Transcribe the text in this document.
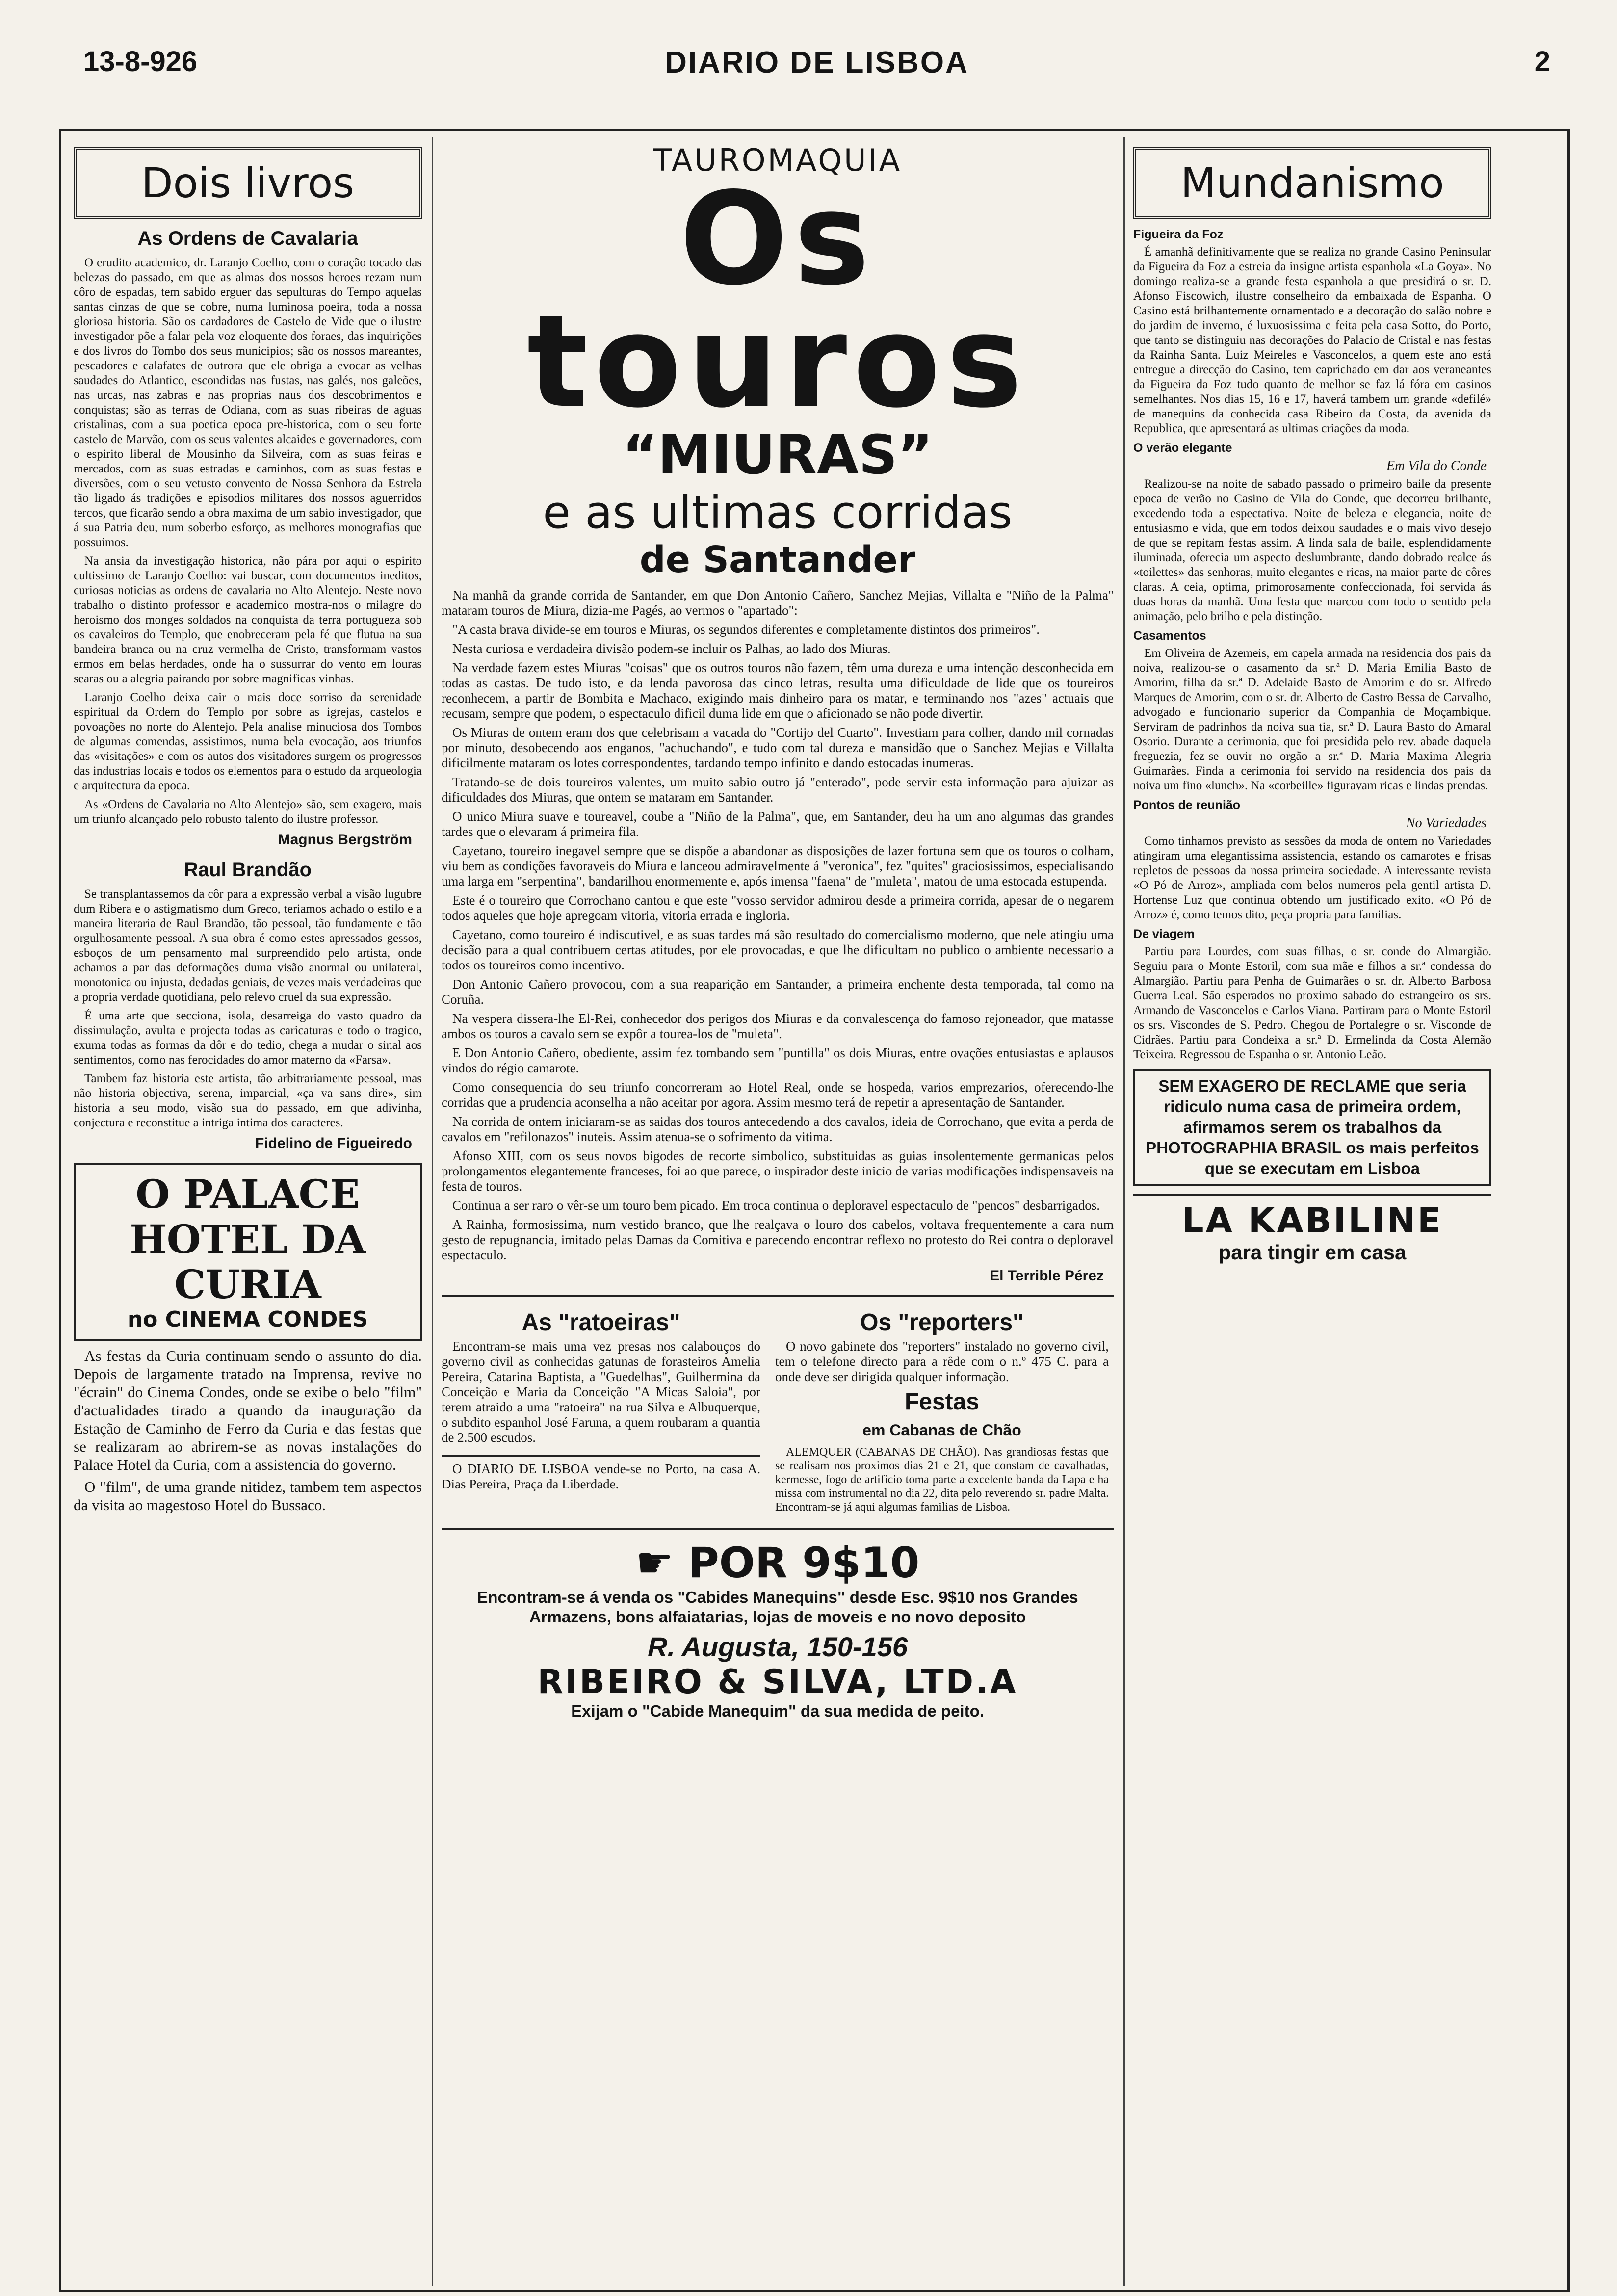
13-8-926	DIARIO DE LISBOA	2
Dois livros
As Ordens de Cavalaria

O erudito academico, dr. Laranjo Coelho, com o coração tocado das belezas do passado, em que as almas dos nossos heroes rezam num côro de espadas, tem sabido erguer das sepulturas do Tempo aquelas santas cinzas de que se cobre, numa luminosa poeira, toda a nossa gloriosa historia. São os cardadores de Castelo de Vide que o ilustre investigador põe a falar pela voz eloquente dos foraes, das inquirições e dos livros do Tombo dos seus municipios; são os nossos mareantes, pescadores e calafates de outrora que ele obriga a evocar as velhas saudades do Atlantico, escondidas nas fustas, nas galés, nos galeões, nas urcas, nas zabras e nas proprias naus dos descobrimentos e conquistas; são as terras de Odiana, com as suas ribeiras de aguas cristalinas, com a sua poetica epoca pre-historica, com o seu forte castelo de Marvão, com os seus valentes alcaides e governadores, com o espirito liberal de Mousinho da Silveira, com as suas feiras e mercados, com as suas estradas e caminhos, com as suas festas e diversões, com o seu vetusto convento de Nossa Senhora da Estrela tão ligado ás tradições e episodios militares dos nossos aguerridos tercos, que ficarão sendo a obra maxima de um sabio investigador, que á sua Patria deu, num soberbo esforço, as melhores monografias que possuimos.

Na ansia da investigação historica, não pára por aqui o espirito cultissimo de Laranjo Coelho: vai buscar, com documentos ineditos, curiosas noticias as ordens de cavalaria no Alto Alentejo. Neste novo trabalho o distinto professor e academico mostra-nos o milagre do heroismo dos monges soldados na conquista da terra portugueza sob os cavaleiros do Templo, que enobreceram pela fé que flutua na sua bandeira branca ou na cruz vermelha de Cristo, transformam vastos ermos em belas herdades, onde ha o sussurrar do vento em louras searas ou a alegria pairando por sobre magnificas vinhas.

Laranjo Coelho deixa cair o mais doce sorriso da serenidade espiritual da Ordem do Templo por sobre as igrejas, castelos e povoações no norte do Alentejo. Pela analise minuciosa dos Tombos de algumas comendas, assistimos, numa bela evocação, aos triunfos das «visitações» e com os autos dos visitadores surgem os progressos das industrias locais e todos os elementos para o estudo da arqueologia e arquitectura da epoca.

As «Ordens de Cavalaria no Alto Alentejo» são, sem exagero, mais um triunfo alcançado pelo robusto talento do ilustre professor.

Magnus Bergström
Raul Brandão

Se transplantassemos da côr para a expressão verbal a visão lugubre dum Ribera e o astigmatismo dum Greco, teriamos achado o estilo e a maneira literaria de Raul Brandão, tão pessoal, tão fundamente e tão orgulhosamente pessoal. A sua obra é como estes apressados gessos, esboços de um pensamento mal surpreendido pelo artista, onde achamos a par das deformações duma visão anormal ou unilateral, monotonica ou injusta, dedadas geniais, de vezes mais verdadeiras que a propria verdade quotidiana, pelo relevo cruel da sua expressão.

É uma arte que secciona, isola, desarreiga do vasto quadro da dissimulação, avulta e projecta todas as caricaturas e todo o tragico, exuma todas as formas da dôr e do tedio, chega a mudar o sinal aos sentimentos, como nas ferocidades do amor materno da «Farsa».

Tambem faz historia este artista, tão arbitrariamente pessoal, mas não historia objectiva, serena, imparcial, «ça va sans dire», sim historia a seu modo, visão sua do passado, em que adivinha, conjectura e reconstitue a intriga intima dos caracteres.

Fidelino de Figueiredo
O PALACE HOTEL DA CURIA
no CINEMA CONDES

As festas da Curia continuam sendo o assunto do dia. Depois de largamente tratado na Imprensa, revive no "écrain" do Cinema Condes, onde se exibe o belo "film" d'actualidades tirado a quando da inauguração da Estação de Caminho de Ferro da Curia e das festas que se realizaram ao abrirem-se as novas instalações do Palace Hotel da Curia, com a assistencia do governo.

O "film", de uma grande nitidez, tambem tem aspectos da visita ao magestoso Hotel do Bussaco.

TAUROMAQUIA
Os touros
“MIURAS”
e as ultimas corridas
de Santander

Na manhã da grande corrida de Santander, em que Don Antonio Cañero, Sanchez Mejias, Villalta e "Niño de la Palma" mataram touros de Miura, dizia-me Pagés, ao vermos o "apartado":

"A casta brava divide-se em touros e Miuras, os segundos diferentes e completamente distintos dos primeiros".

Nesta curiosa e verdadeira divisão podem-se incluir os Palhas, ao lado dos Miuras.

Na verdade fazem estes Miuras "coisas" que os outros touros não fazem, têm uma dureza e uma intenção desconhecida em todas as castas. De tudo isto, e da lenda pavorosa das cinco letras, resulta uma dificuldade de lide que os toureiros reconhecem, a partir de Bombita e Machaco, exigindo mais dinheiro para os matar, e terminando nos "azes" actuais que recusam, sempre que podem, o espectaculo dificil duma lide em que o aficionado se não pode divertir.

Os Miuras de ontem eram dos que celebrisam a vacada do "Cortijo del Cuarto". Investiam para colher, dando mil cornadas por minuto, desobecendo aos enganos, "achuchando", e tudo com tal dureza e mansidão que o Sanchez Mejias e Villalta dificilmente mataram os lotes correspondentes, tardando tempo infinito e dando estocadas inumeras.

Tratando-se de dois toureiros valentes, um muito sabio outro já "enterado", pode servir esta informação para ajuizar as dificuldades dos Miuras, que ontem se mataram em Santander.

O unico Miura suave e toureavel, coube a "Niño de la Palma", que, em Santander, deu ha um ano algumas das grandes tardes que o elevaram á primeira fila.

Cayetano, toureiro inegavel sempre que se dispõe a abandonar as disposições de lazer fortuna sem que os touros o colham, viu bem as condições favoraveis do Miura e lanceou admiravelmente á "veronica", fez "quites" graciosissimos, especialisando uma larga em "serpentina", bandarilhou enormemente e, após imensa "faena" de "muleta", matou de uma estocada estupenda.

Este é o toureiro que Corrochano cantou e que este "vosso servidor admirou desde a primeira corrida, apesar de o negarem todos aqueles que hoje apregoam vitoria, vitoria errada e ingloria.

Cayetano, como toureiro é indiscutivel, e as suas tardes má são resultado do comercialismo moderno, que nele atingiu uma decisão para a qual contribuem certas atitudes, por ele provocadas, e que lhe dificultam no publico o ambiente necessario a todos os toureiros como incentivo.

Don Antonio Cañero provocou, com a sua reaparição em Santander, a primeira enchente desta temporada, tal como na Coruña.

Na vespera dissera-lhe El-Rei, conhecedor dos perigos dos Miuras e da convalescença do famoso rejoneador, que matasse ambos os touros a cavalo sem se expôr a tourea-los de "muleta".

E Don Antonio Cañero, obediente, assim fez tombando sem "puntilla" os dois Miuras, entre ovações entusiastas e aplausos vindos do régio camarote.

Como consequencia do seu triunfo concorreram ao Hotel Real, onde se hospeda, varios emprezarios, oferecendo-lhe corridas que a prudencia aconselha a não aceitar por agora. Assim mesmo terá de repetir a apresentação de Santander.

Na corrida de ontem iniciaram-se as saidas dos touros antecedendo a dos cavalos, ideia de Corrochano, que evita a perda de cavalos em "refilonazos" inuteis. Assim atenua-se o sofrimento da vitima.

Afonso XIII, com os seus novos bigodes de recorte simbolico, substituidas as guias insolentemente germanicas pelos prolongamentos elegantemente franceses, foi ao que parece, o inspirador deste inicio de varias modificações indispensaveis na festa de touros.

Continua a ser raro o vêr-se um touro bem picado. Em troca continua o deploravel espectaculo de "pencos" desbarrigados.

A Rainha, formosissima, num vestido branco, que lhe realçava o louro dos cabelos, voltava frequentemente a cara num gesto de repugnancia, imitado pelas Damas da Comitiva e parecendo encontrar reflexo no protesto do Rei contra o deploravel espectaculo.

El Terrible Pérez
As "ratoeiras"

Encontram-se mais uma vez presas nos calabouços do governo civil as conhecidas gatunas de forasteiros Amelia Pereira, Catarina Baptista, a "Guedelhas", Guilhermina da Conceição e Maria da Conceição "A Micas Saloia", por terem atraido a uma "ratoeira" na rua Silva e Albuquerque, o subdito espanhol José Faruna, a quem roubaram a quantia de 2.500 escudos.

O DIARIO DE LISBOA vende-se no Porto, na casa A. Dias Pereira, Praça da Liberdade.

Os "reporters"

O novo gabinete dos "reporters" instalado no governo civil, tem o telefone directo para a rêde com o n.º 475 C. para a onde deve ser dirigida qualquer informação.

Festas
em Cabanas de Chão

ALEMQUER (CABANAS DE CHÃO). Nas grandiosas festas que se realisam nos proximos dias 21 e 21, que constam de cavalhadas, kermesse, fogo de artificio toma parte a excelente banda da Lapa e ha missa com instrumental no dia 22, dita pelo reverendo sr. padre Malta. Encontram-se já aqui algumas familias de Lisboa.

☛ POR 9$10
Encontram-se á venda os "Cabides Manequins" desde Esc. 9$10 nos Grandes Armazens, bons alfaiatarias, lojas de moveis e no novo deposito
R. Augusta, 150-156
RIBEIRO & SILVA, LTD.A
Exijam o "Cabide Manequim" da sua medida de peito.
Mundanismo
Figueira da Foz

É amanhã definitivamente que se realiza no grande Casino Peninsular da Figueira da Foz a estreia da insigne artista espanhola «La Goya». No domingo realiza-se a grande festa espanhola a que presidirá o sr. D. Afonso Fiscowich, ilustre conselheiro da embaixada de Espanha. O Casino está brilhantemente ornamentado e a decoração do salão nobre e do jardim de inverno, é luxuosissima e feita pela casa Sotto, do Porto, que tanto se distinguiu nas decorações do Palacio de Cristal e nas festas da Rainha Santa. Luiz Meireles e Vasconcelos, a quem este ano está entregue a direcção do Casino, tem caprichado em dar aos veraneantes da Figueira da Foz tudo quanto de melhor se faz lá fóra em casinos semelhantes. Nos dias 15, 16 e 17, haverá tambem um grande «defilé» de manequins da conhecida casa Ribeiro da Costa, da avenida da Republica, que apresentará as ultimas criações da moda.

O verão elegante
Em Vila do Conde

Realizou-se na noite de sabado passado o primeiro baile da presente epoca de verão no Casino de Vila do Conde, que decorreu brilhante, excedendo toda a espectativa. Noite de beleza e elegancia, noite de entusiasmo e vida, que em todos deixou saudades e o mais vivo desejo de que se repitam festas assim. A linda sala de baile, esplendidamente iluminada, oferecia um aspecto deslumbrante, dando dobrado realce ás «toilettes» das senhoras, muito elegantes e ricas, na maior parte de côres claras. A ceia, optima, primorosamente confeccionada, foi servida ás duas horas da manhã. Uma festa que marcou com todo o sentido pela animação, pelo brilho e pela distinção.

Casamentos

Em Oliveira de Azemeis, em capela armada na residencia dos pais da noiva, realizou-se o casamento da sr.ª D. Maria Emilia Basto de Amorim, filha da sr.ª D. Adelaide Basto de Amorim e do sr. Alfredo Marques de Amorim, com o sr. dr. Alberto de Castro Bessa de Carvalho, advogado e funcionario superior da Companhia de Moçambique. Serviram de padrinhos da noiva sua tia, sr.ª D. Laura Basto do Amaral Osorio. Durante a cerimonia, que foi presidida pelo rev. abade daquela freguezia, fez-se ouvir no orgão a sr.ª D. Maria Maxima Alegria Guimarães. Finda a cerimonia foi servido na residencia dos pais da noiva um fino «lunch». Na «corbeille» figuravam ricas e lindas prendas.

Pontos de reunião
No Variedades

Como tinhamos previsto as sessões da moda de ontem no Variedades atingiram uma elegantissima assistencia, estando os camarotes e frisas repletos de pessoas da nossa primeira sociedade. A interessante revista «O Pó de Arroz», ampliada com belos numeros pela gentil artista D. Hortense Luz que continua obtendo um justificado exito. «O Pó de Arroz» é, como temos dito, peça propria para familias.

De viagem

Partiu para Lourdes, com suas filhas, o sr. conde do Almargião. Seguiu para o Monte Estoril, com sua mãe e filhos a sr.ª condessa do Almargião. Partiu para Penha de Guimarães o sr. dr. Alberto Barbosa Guerra Leal. São esperados no proximo sabado do estrangeiro os srs. Armando de Vasconcelos e Carlos Viana. Partiram para o Monte Estoril os srs. Viscondes de S. Pedro. Chegou de Portalegre o sr. Visconde de Cidrães. Partiu para Condeixa a sr.ª D. Ermelinda da Costa Alemão Teixeira. Regressou de Espanha o sr. Antonio Leão.

SEM EXAGERO DE RECLAME que seria ridiculo numa casa de primeira ordem, afirmamos serem os trabalhos da PHOTOGRAPHIA BRASIL os mais perfeitos que se executam em Lisboa
LA KABILINE
para tingir em casa
